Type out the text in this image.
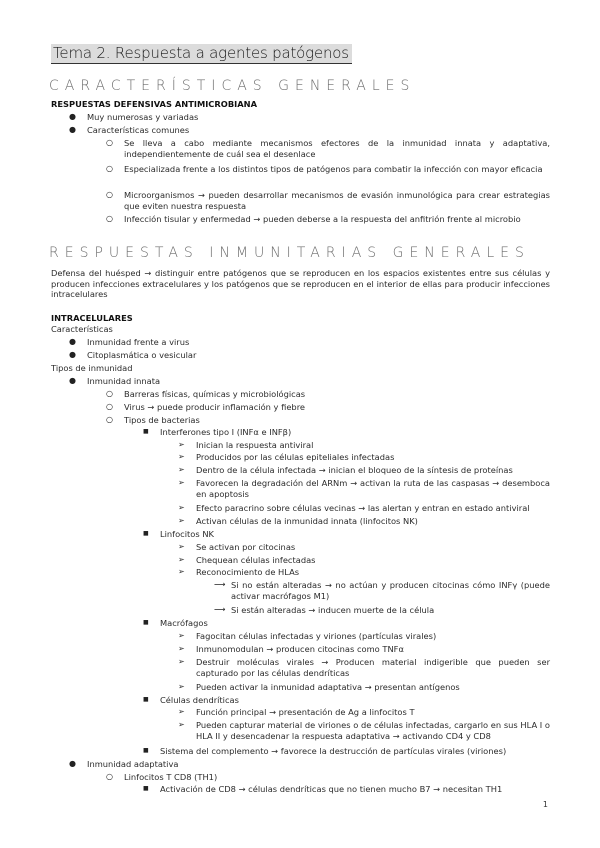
Tema 2. Respuesta a agentes patógenos
CARACTERÍSTICAS GENERALES
RESPUESTAS DEFENSIVAS ANTIMICROBIANA
● Muy numerosas y variadas
● Características comunes
○ Se lleva a cabo mediante mecanismos efectores de la inmunidad innata y adaptativa, independientemente de cuál sea el desenlace
○ Especializada frente a los distintos tipos de patógenos para combatir la infección con mayor eficacia
○ Microorganismos → pueden desarrollar mecanismos de evasión inmunológica para crear estrategias que eviten nuestra respuesta
○ Infección tisular y enfermedad → pueden deberse a la respuesta del anfitrión frente al microbio
RESPUESTAS INMUNITARIAS GENERALES
Defensa del huésped → distinguir entre patógenos que se reproducen en los espacios existentes entre sus células y producen infecciones extracelulares y los patógenos que se reproducen en el interior de ellas para producir infecciones intracelulares
INTRACELULARES
Características
● Inmunidad frente a virus
● Citoplasmática o vesicular
Tipos de inmunidad
● Inmunidad innata
○ Barreras físicas, químicas y microbiológicas
○ Virus → puede producir inflamación y fiebre
○ Tipos de bacterias
■ Interferones tipo I (INFα e INFβ)
➢ Inician la respuesta antiviral
➢ Producidos por las células epiteliales infectadas
➢ Dentro de la célula infectada → inician el bloqueo de la síntesis de proteínas
➢ Favorecen la degradación del ARNm → activan la ruta de las caspasas → desemboca en apoptosis
➢ Efecto paracrino sobre células vecinas → las alertan y entran en estado antiviral
➢ Activan células de la inmunidad innata (linfocitos NK)
■ Linfocitos NK
➢ Se activan por citocinas
➢ Chequean células infectadas
➢ Reconocimiento de HLAs
⟶ Si no están alteradas → no actúan y producen citocinas cómo INFγ (puede activar macrófagos M1)
⟶ Si están alteradas → inducen muerte de la célula
■ Macrófagos
➢ Fagocitan células infectadas y viriones (partículas virales)
➢ Inmunomodulan → producen citocinas como TNFα
➢ Destruir moléculas virales → Producen material indigerible que pueden ser capturado por las células dendríticas
➢ Pueden activar la inmunidad adaptativa → presentan antígenos
■ Células dendríticas
➢ Función principal → presentación de Ag a linfocitos T
➢ Pueden capturar material de viriones o de células infectadas, cargarlo en sus HLA I o HLA II y desencadenar la respuesta adaptativa → activando CD4 y CD8
■ Sistema del complemento → favorece la destrucción de partículas virales (viriones)
● Inmunidad adaptativa
○ Linfocitos T CD8 (TH1)
■ Activación de CD8 → células dendríticas que no tienen mucho B7 → necesitan TH1
1
